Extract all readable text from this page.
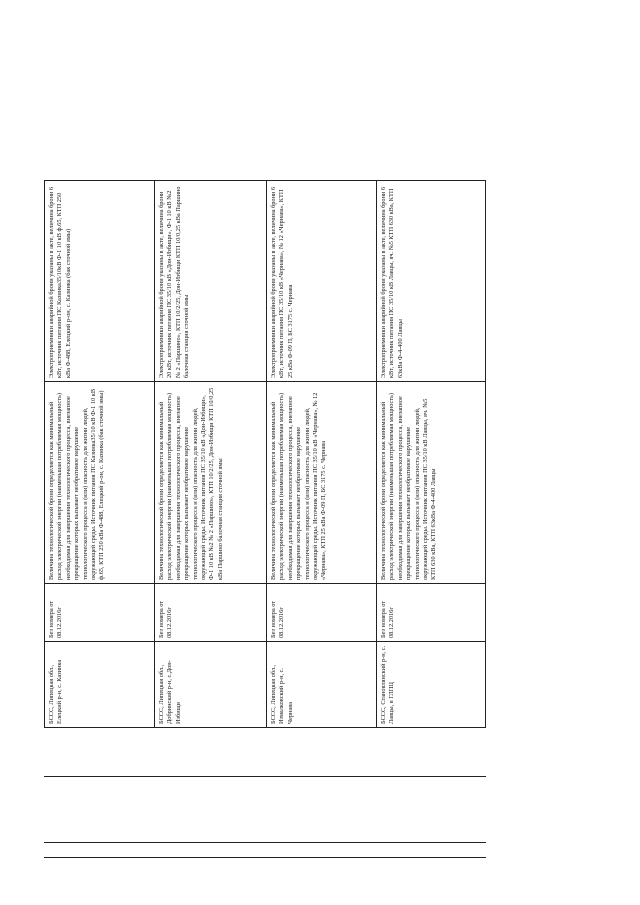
БССС, Липецкая обл., Елецкий р-н, с. Казинка
Без номера от 08.12.2016г
Величина технологической брони определяется как минимальный расход электрической энергии (наименьшая потребляемая мощность) необходимая для завершения технологического процесса, внезапное прекращение которых вызывает необратимое нарушение технологического процесса и (или) опасность для жизни людей, окружающей среды. Источник питания ПС Казинка35/10 кВ Ф-1 10 кВ ф.65, КТП 250 кВа Ф-488, Елецкий р-он, с. Казинка (бак сточной ямы)
Электроприемники аварийной брони указаны в акте, величина брони 6 кВт, источник питания ПС Казинка35/10кВ Ф-1 10 кВ ф.65, КТП 250 кВа Ф-488, Елецкий р-он, с. Казинка (бак сточной ямы)
БССС, Липецкая обл., Добринский р-н, с.Дон-Избищи
Без номера от 08.12.2016г
Величина технологической брони определяется как минимальный расход электрической энергии (наименьшая потребляемая мощность) необходимая для завершения технологического процесса, внезапное прекращение которых вызывает необратимое нарушение технологического процесса и (или) опасность для жизни людей, окружающей среды. Источник питания ПС 35/10 кВ «Дон-Избищи», Ф-1 10 кВ №2 № 2 «Паршино», КТП 10/2/25, Дон-Избищи КТП 10/0,25 кВа Паршино балочная станция сточной ямы
Электроприемники аварийной брони указаны в акте, величина брони 20 кВт, источник питания ПС 35/10 кВ «Дон-Избищи», Ф-1 10 кВ №2 № 2 «Паршино», КТП 10/2/25, Дон-Избищи КТП 10/0,25 кВа Паршино балочная станция сточной ямы
БССС, Липецкая обл., Измалковский р-н, с. Чернава
Без номера от 08.12.2016г
Величина технологической брони определяется как минимальный расход электрической энергии (наименьшая потребляемая мощность) необходимая для завершения технологического процесса, внезапное прекращение которых вызывает необратимое нарушение технологического процесса и (или) опасность для жизни людей, окружающей среды. Источник питания ПС 35/10 кВ «Чернава», № 12 «Чернава», КТП 25 кВа Ф-09 П, БС 3175 с. Чернава
Электроприемники аварийной брони указаны в акте, величина брони 6 кВт, источник питания ПС 35/10 кВ «Чернава», № 12 «Чернава», КТП 25 кВа Ф-09 П, БС 3175 с. Чернава
БССС, Становлянский р-н, с. Лавцы, в ГЛПЦ
Без номера от 08.12.2016г
Величина технологической брони определяется как минимальный расход электрической энергии (наименьшая потребляемая мощность) необходимая для завершения технологического процесса, внезапное прекращение которых вызывает необратимое нарушение технологического процесса и (или) опасность для жизни людей, окружающей среды. Источник питания ПС 35/10 кВ Лавцы, яч. №5 КТП 630 кВа, КТП 63кВа Ф-4-400 Лавцы
Электроприемники аварийной брони указаны в акте, величина брони 6 кВт, источник питания ПС 35/10 кВ Лавцы, яч. №5 КТП 630 кВа, КТП 63кВа Ф-4-400 Лавцы
